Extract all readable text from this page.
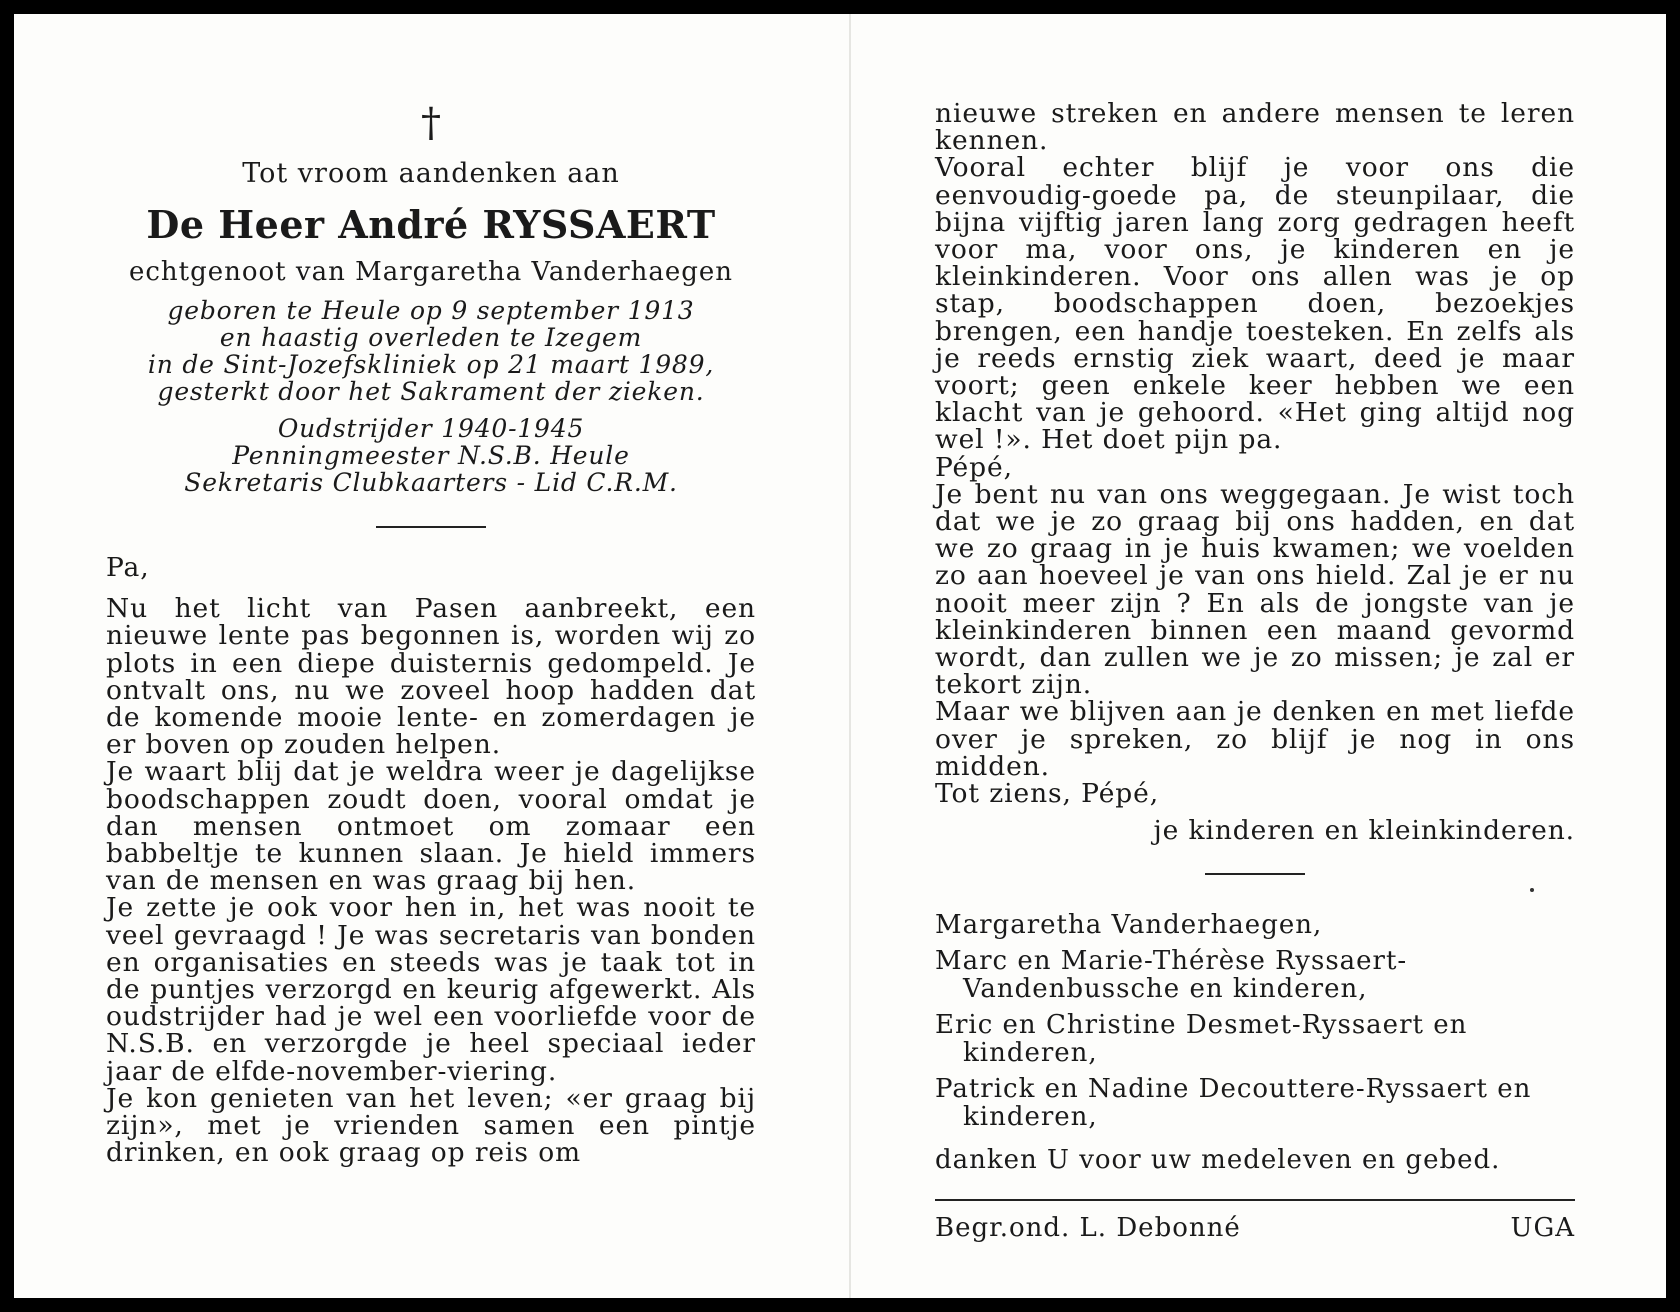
†
Tot vroom aandenken aan
De Heer André RYSSAERT
echtgenoot van Margaretha Vanderhaegen
geboren te Heule op 9 september 1913
en haastig overleden te Izegem
in de Sint-Jozefskliniek op 21 maart 1989,
gesterkt door het Sakrament der zieken.
Oudstrijder 1940-1945
Penningmeester N.S.B. Heule
Sekretaris Clubkaarters - Lid C.R.M.

Pa,

Nu het licht van Pasen aanbreekt, een nieuwe lente pas begonnen is, worden wij zo plots in een diepe duisternis gedompeld. Je ontvalt ons, nu we zoveel hoop hadden dat de komende mooie lente- en zomerdagen je er boven op zouden helpen.

Je waart blij dat je weldra weer je dagelijkse boodschappen zoudt doen, vooral omdat je dan mensen ontmoet om zomaar een babbeltje te kunnen slaan. Je hield immers van de mensen en was graag bij hen.

Je zette je ook voor hen in, het was nooit te veel gevraagd ! Je was secretaris van bonden en organisaties en steeds was je taak tot in de puntjes verzorgd en keurig afgewerkt. Als oudstrijder had je wel een voorliefde voor de N.S.B. en verzorgde je heel speciaal ieder jaar de elfde-november-viering.

Je kon genieten van het leven; «er graag bij zijn», met je vrienden samen een pintje drinken, en ook graag op reis om

nieuwe streken en andere mensen te leren kennen.

Vooral echter blijf je voor ons die eenvoudig-goede pa, de steunpilaar, die bijna vijftig jaren lang zorg gedragen heeft voor ma, voor ons, je kinderen en je kleinkinderen. Voor ons allen was je op stap, boodschappen doen, bezoekjes brengen, een handje toesteken. En zelfs als je reeds ernstig ziek waart, deed je maar voort; geen enkele keer hebben we een klacht van je gehoord. «Het ging altijd nog wel !». Het doet pijn pa.

Pépé,

Je bent nu van ons weggegaan. Je wist toch dat we je zo graag bij ons hadden, en dat we zo graag in je huis kwamen; we voelden zo aan hoeveel je van ons hield. Zal je er nu nooit meer zijn ? En als de jongste van je kleinkinderen binnen een maand gevormd wordt, dan zullen we je zo missen; je zal er tekort zijn.

Maar we blijven aan je denken en met liefde over je spreken, zo blijf je nog in ons midden.

Tot ziens, Pépé,

je kinderen en kleinkinderen.
Margaretha Vanderhaegen,
Marc en Marie-Thérèse Ryssaert-Vandenbussche en kinderen,
Eric en Christine Desmet-Ryssaert en kinderen,
Patrick en Nadine Decouttere-Ryssaert en kinderen,
danken U voor uw medeleven en gebed.
Begr.ond. L. Debonné	UGA
